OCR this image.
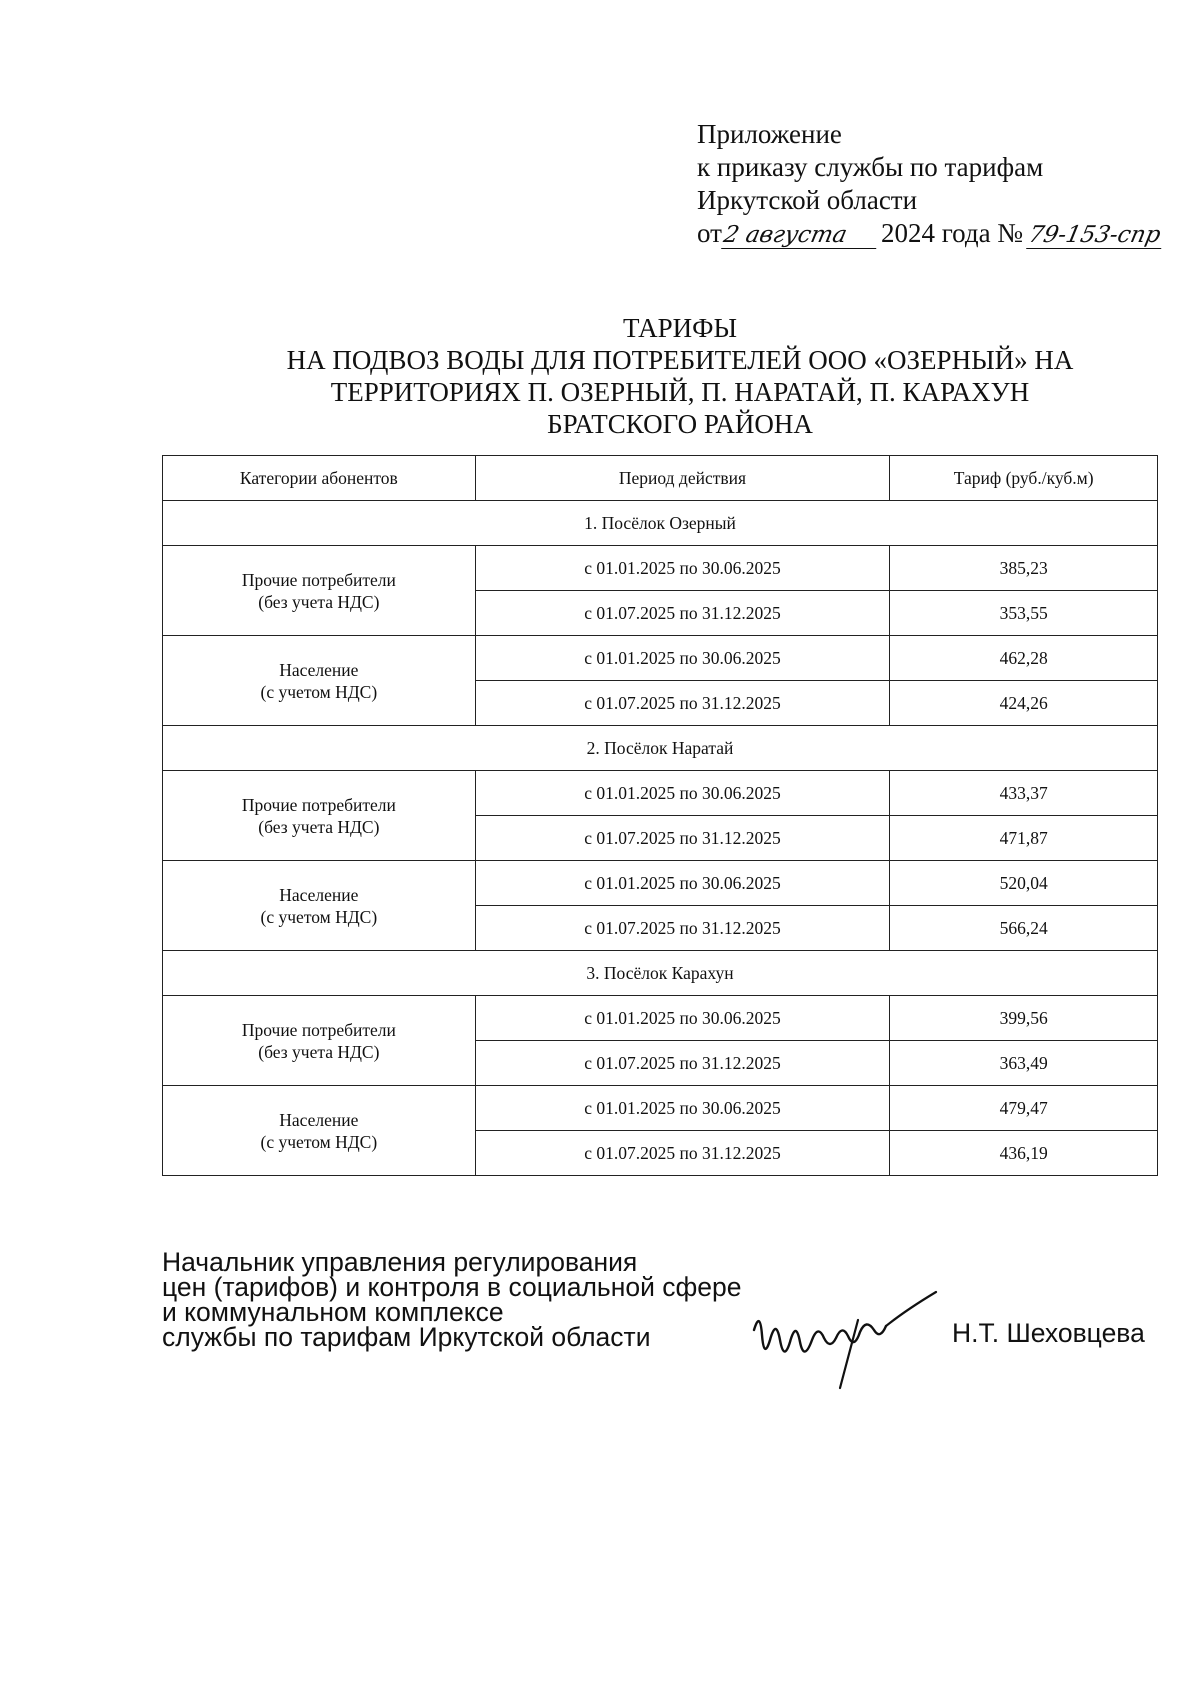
Приложение
к приказу службы по тарифам
Иркутской области
от2 августа 2024 года № 79-153-спр
ТАРИФЫ
НА ПОДВОЗ ВОДЫ ДЛЯ ПОТРЕБИТЕЛЕЙ ООО «ОЗЕРНЫЙ» НА
ТЕРРИТОРИЯХ П. ОЗЕРНЫЙ, П. НАРАТАЙ, П. КАРАХУН
БРАТСКОГО РАЙОНА
Категории абонентов	Период действия	Тариф (руб./куб.м)
1. Посёлок Озерный		

Прочие потребители
(без учета НДС)	с 01.01.2025 по 30.06.2025	385,23
	с 01.07.2025 по 31.12.2025	353,55

Население
(с учетом НДС)	с 01.01.2025 по 30.06.2025	462,28
	с 01.07.2025 по 31.12.2025	424,26
2. Посёлок Наратай		

Прочие потребители
(без учета НДС)	с 01.01.2025 по 30.06.2025	433,37
	с 01.07.2025 по 31.12.2025	471,87

Население
(с учетом НДС)	с 01.01.2025 по 30.06.2025	520,04
	с 01.07.2025 по 31.12.2025	566,24
3. Посёлок Карахун		

Прочие потребители
(без учета НДС)	с 01.01.2025 по 30.06.2025	399,56
	с 01.07.2025 по 31.12.2025	363,49

Население
(с учетом НДС)	с 01.01.2025 по 30.06.2025	479,47
	с 01.07.2025 по 31.12.2025	436,19
Начальник управления регулирования
цен (тарифов) и контроля в социальной сфере
и коммунальном комплексе
службы по тарифам Иркутской области	Н.Т. Шеховцева
